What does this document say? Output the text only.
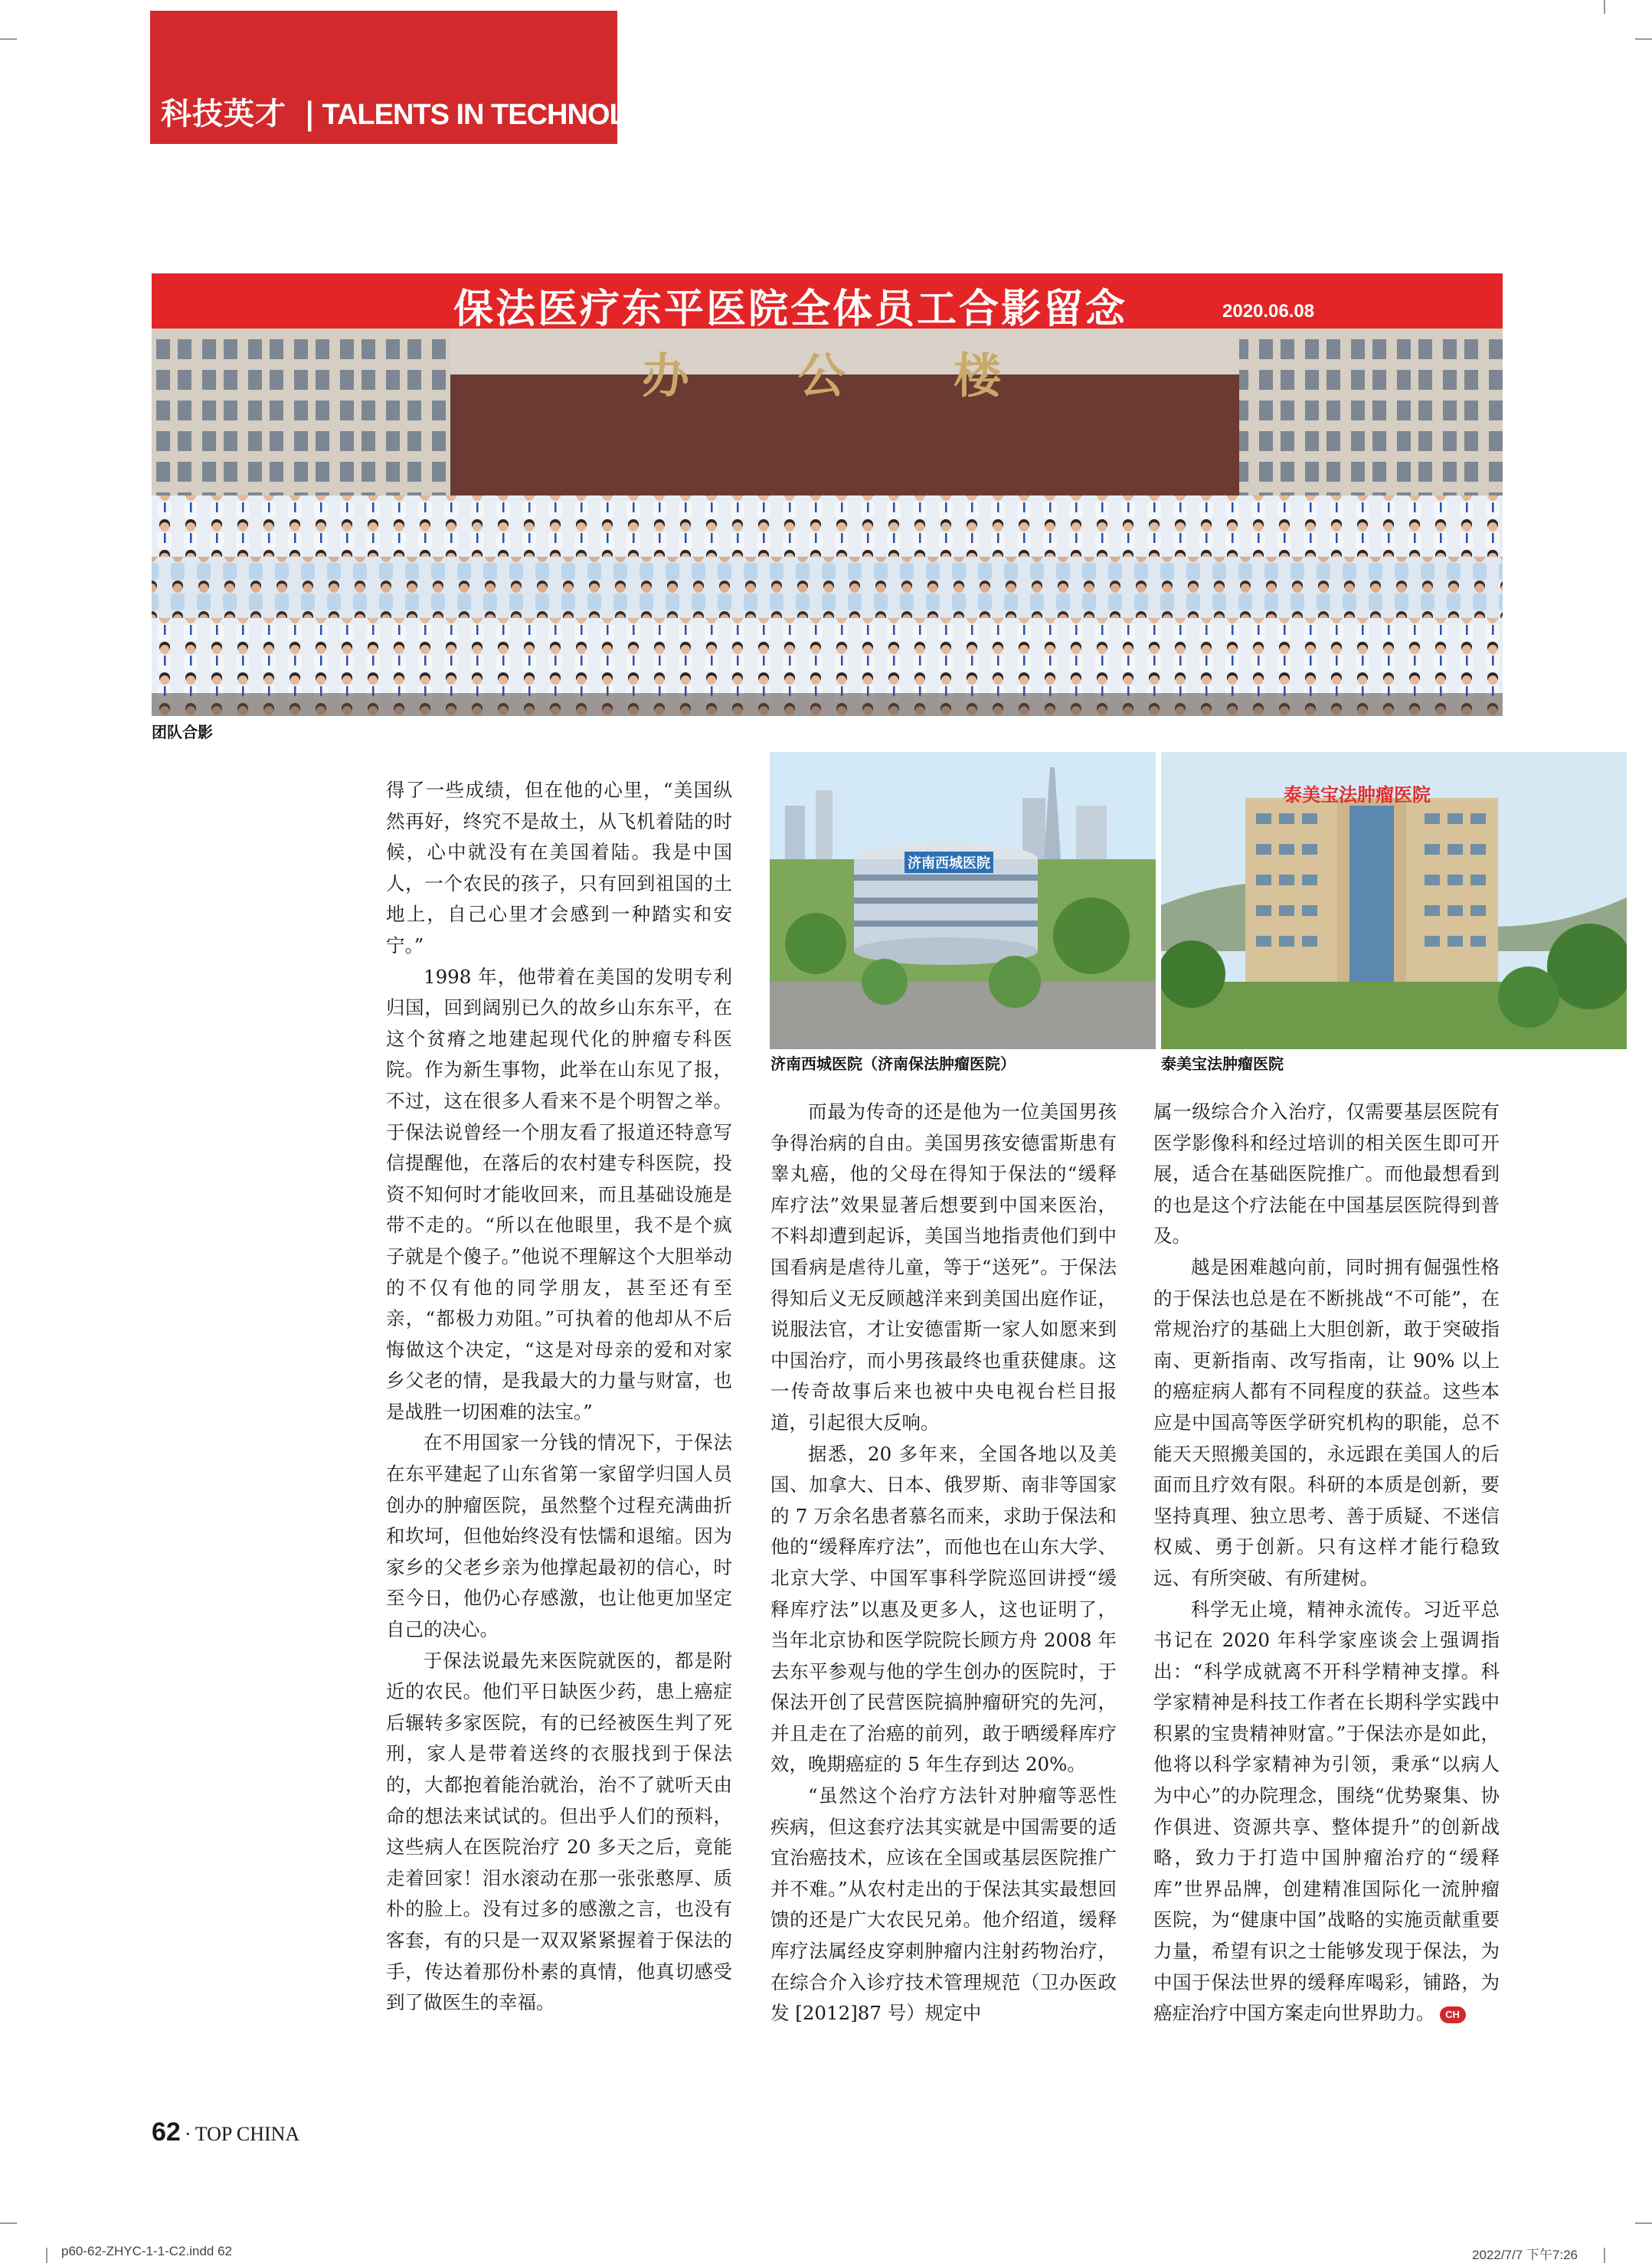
科技英才 | TALENTS IN TECHNOLOGY
办 公 楼
保法医疗东平医院全体员工合影留念	2020.06.08
团队合影
济南西城医院
济南西城医院（济南保法肿瘤医院）
泰美宝法肿瘤医院
泰美宝法肿瘤医院

得了一些成绩，但在他的心里，“美国纵然再好，终究不是故土，从飞机着陆的时候，心中就没有在美国着陆。我是中国人，一个农民的孩子，只有回到祖国的土地上，自己心里才会感到一种踏实和安宁。”

1998 年，他带着在美国的发明专利归国，回到阔别已久的故乡山东东平，在这个贫瘠之地建起现代化的肿瘤专科医院。作为新生事物，此举在山东见了报，不过，这在很多人看来不是个明智之举。于保法说曾经一个朋友看了报道还特意写信提醒他，在落后的农村建专科医院，投资不知何时才能收回来，而且基础设施是带不走的。“所以在他眼里，我不是个疯子就是个傻子。”他说不理解这个大胆举动的不仅有他的同学朋友，甚至还有至亲，“都极力劝阻。”可执着的他却从不后悔做这个决定，“这是对母亲的爱和对家乡父老的情，是我最大的力量与财富，也是战胜一切困难的法宝。”

在不用国家一分钱的情况下，于保法在东平建起了山东省第一家留学归国人员创办的肿瘤医院，虽然整个过程充满曲折和坎坷，但他始终没有怯懦和退缩。因为家乡的父老乡亲为他撑起最初的信心，时至今日，他仍心存感激，也让他更加坚定自己的决心。

于保法说最先来医院就医的，都是附近的农民。他们平日缺医少药，患上癌症后辗转多家医院，有的已经被医生判了死刑，家人是带着送终的衣服找到于保法的，大都抱着能治就治，治不了就听天由命的想法来试试的。但出乎人们的预料，这些病人在医院治疗 20 多天之后，竟能走着回家！泪水滚动在那一张张憨厚、质朴的脸上。没有过多的感激之言，也没有客套，有的只是一双双紧紧握着于保法的手，传达着那份朴素的真情，他真切感受到了做医生的幸福。

而最为传奇的还是他为一位美国男孩争得治病的自由。美国男孩安德雷斯患有睾丸癌，他的父母在得知于保法的“缓释库疗法”效果显著后想要到中国来医治，不料却遭到起诉，美国当地指责他们到中国看病是虐待儿童，等于“送死”。于保法得知后义无反顾越洋来到美国出庭作证，说服法官，才让安德雷斯一家人如愿来到中国治疗，而小男孩最终也重获健康。这一传奇故事后来也被中央电视台栏目报道，引起很大反响。

据悉，20 多年来，全国各地以及美国、加拿大、日本、俄罗斯、南非等国家的 7 万余名患者慕名而来，求助于保法和他的“缓释库疗法”，而他也在山东大学、北京大学、中国军事科学院巡回讲授“缓释库疗法”以惠及更多人，这也证明了，当年北京协和医学院院长顾方舟 2008 年去东平参观与他的学生创办的医院时，于保法开创了民营医院搞肿瘤研究的先河，并且走在了治癌的前列，敢于晒缓释库疗效，晚期癌症的 5 年生存到达 20%。

“虽然这个治疗方法针对肿瘤等恶性疾病，但这套疗法其实就是中国需要的适宜治癌技术，应该在全国或基层医院推广并不难。”从农村走出的于保法其实最想回馈的还是广大农民兄弟。他介绍道，缓释库疗法属经皮穿刺肿瘤内注射药物治疗，在综合介入诊疗技术管理规范（卫办医政发 [2012]87 号）规定中

属一级综合介入治疗，仅需要基层医院有医学影像科和经过培训的相关医生即可开展，适合在基础医院推广。而他最想看到的也是这个疗法能在中国基层医院得到普及。

越是困难越向前，同时拥有倔强性格的于保法也总是在不断挑战“不可能”，在常规治疗的基础上大胆创新，敢于突破指南、更新指南、改写指南，让 90% 以上的癌症病人都有不同程度的获益。这些本应是中国高等医学研究机构的职能，总不能天天照搬美国的，永远跟在美国人的后面而且疗效有限。科研的本质是创新，要坚持真理、独立思考、善于质疑、不迷信权威、勇于创新。只有这样才能行稳致远、有所突破、有所建树。

科学无止境，精神永流传。习近平总书记在 2020 年科学家座谈会上强调指出：“科学成就离不开科学精神支撑。科学家精神是科技工作者在长期科学实践中积累的宝贵精神财富。”于保法亦是如此，他将以科学家精神为引领，秉承“以病人为中心”的办院理念，围绕“优势聚集、协作俱进、资源共享、整体提升”的创新战略，致力于打造中国肿瘤治疗的“缓释库”世界品牌，创建精准国际化一流肿瘤医院，为“健康中国”战略的实施贡献重要力量，希望有识之士能够发现于保法，为中国于保法世界的缓释库喝彩，铺路，为癌症治疗中国方案走向世界助力。 CH

62 · TOP CHINA
p60-62-ZHYC-1-1-C2.indd 62	2022/7/7 下午7:26
